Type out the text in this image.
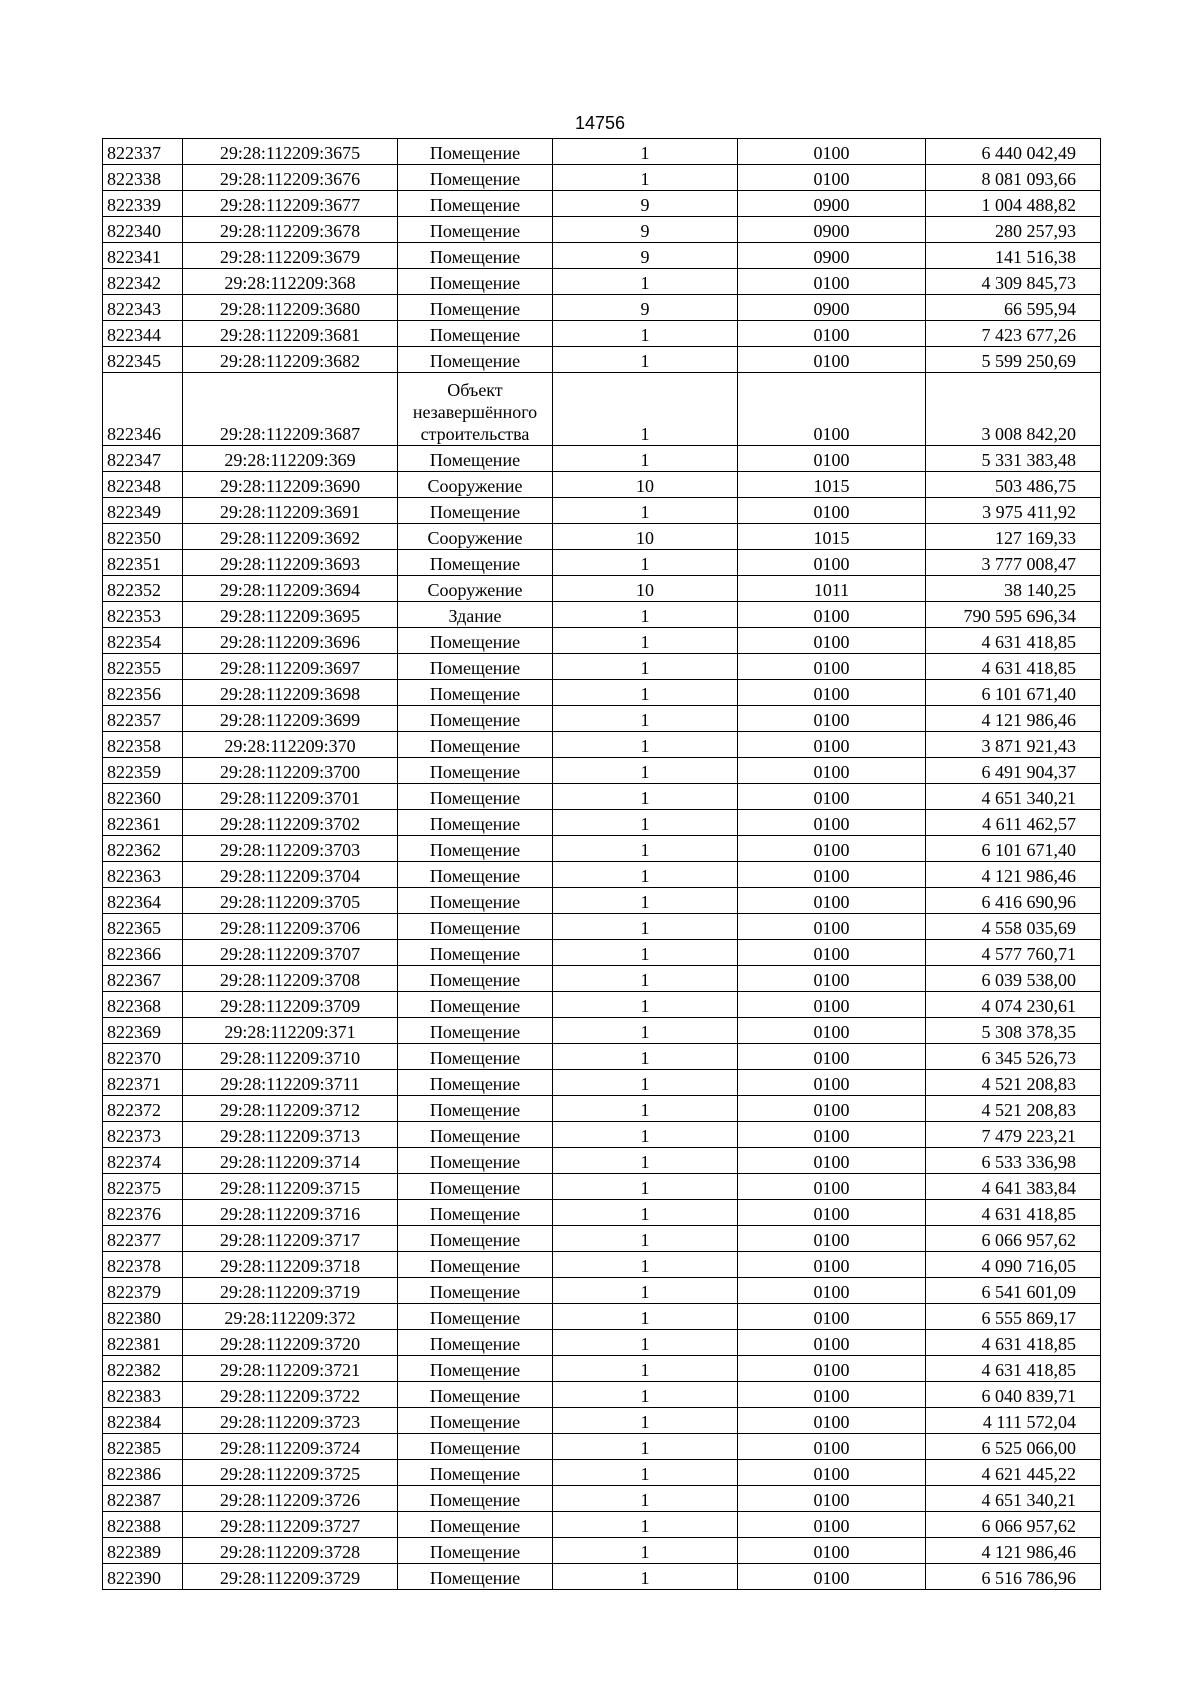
14756
822337	29:28:112209:3675	Помещение	1	0100	6 440 042,49
822338	29:28:112209:3676	Помещение	1	0100	8 081 093,66
822339	29:28:112209:3677	Помещение	9	0900	1 004 488,82
822340	29:28:112209:3678	Помещение	9	0900	280 257,93
822341	29:28:112209:3679	Помещение	9	0900	141 516,38
822342	29:28:112209:368	Помещение	1	0100	4 309 845,73
822343	29:28:112209:3680	Помещение	9	0900	66 595,94
822344	29:28:112209:3681	Помещение	1	0100	7 423 677,26
822345	29:28:112209:3682	Помещение	1	0100	5 599 250,69
822346	29:28:112209:3687	Объект незавершённого строительства	1	0100	3 008 842,20
822347	29:28:112209:369	Помещение	1	0100	5 331 383,48
822348	29:28:112209:3690	Сооружение	10	1015	503 486,75
822349	29:28:112209:3691	Помещение	1	0100	3 975 411,92
822350	29:28:112209:3692	Сооружение	10	1015	127 169,33
822351	29:28:112209:3693	Помещение	1	0100	3 777 008,47
822352	29:28:112209:3694	Сооружение	10	1011	38 140,25
822353	29:28:112209:3695	Здание	1	0100	790 595 696,34
822354	29:28:112209:3696	Помещение	1	0100	4 631 418,85
822355	29:28:112209:3697	Помещение	1	0100	4 631 418,85
822356	29:28:112209:3698	Помещение	1	0100	6 101 671,40
822357	29:28:112209:3699	Помещение	1	0100	4 121 986,46
822358	29:28:112209:370	Помещение	1	0100	3 871 921,43
822359	29:28:112209:3700	Помещение	1	0100	6 491 904,37
822360	29:28:112209:3701	Помещение	1	0100	4 651 340,21
822361	29:28:112209:3702	Помещение	1	0100	4 611 462,57
822362	29:28:112209:3703	Помещение	1	0100	6 101 671,40
822363	29:28:112209:3704	Помещение	1	0100	4 121 986,46
822364	29:28:112209:3705	Помещение	1	0100	6 416 690,96
822365	29:28:112209:3706	Помещение	1	0100	4 558 035,69
822366	29:28:112209:3707	Помещение	1	0100	4 577 760,71
822367	29:28:112209:3708	Помещение	1	0100	6 039 538,00
822368	29:28:112209:3709	Помещение	1	0100	4 074 230,61
822369	29:28:112209:371	Помещение	1	0100	5 308 378,35
822370	29:28:112209:3710	Помещение	1	0100	6 345 526,73
822371	29:28:112209:3711	Помещение	1	0100	4 521 208,83
822372	29:28:112209:3712	Помещение	1	0100	4 521 208,83
822373	29:28:112209:3713	Помещение	1	0100	7 479 223,21
822374	29:28:112209:3714	Помещение	1	0100	6 533 336,98
822375	29:28:112209:3715	Помещение	1	0100	4 641 383,84
822376	29:28:112209:3716	Помещение	1	0100	4 631 418,85
822377	29:28:112209:3717	Помещение	1	0100	6 066 957,62
822378	29:28:112209:3718	Помещение	1	0100	4 090 716,05
822379	29:28:112209:3719	Помещение	1	0100	6 541 601,09
822380	29:28:112209:372	Помещение	1	0100	6 555 869,17
822381	29:28:112209:3720	Помещение	1	0100	4 631 418,85
822382	29:28:112209:3721	Помещение	1	0100	4 631 418,85
822383	29:28:112209:3722	Помещение	1	0100	6 040 839,71
822384	29:28:112209:3723	Помещение	1	0100	4 111 572,04
822385	29:28:112209:3724	Помещение	1	0100	6 525 066,00
822386	29:28:112209:3725	Помещение	1	0100	4 621 445,22
822387	29:28:112209:3726	Помещение	1	0100	4 651 340,21
822388	29:28:112209:3727	Помещение	1	0100	6 066 957,62
822389	29:28:112209:3728	Помещение	1	0100	4 121 986,46
822390	29:28:112209:3729	Помещение	1	0100	6 516 786,96
